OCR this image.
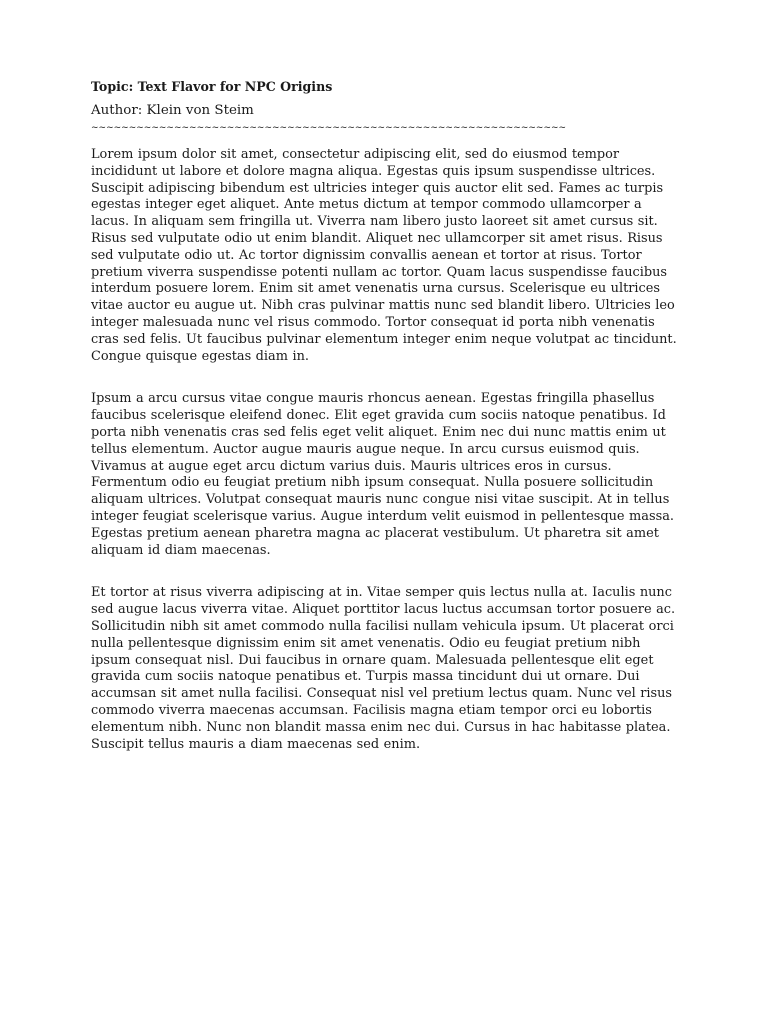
Topic: Text Flavor for NPC Origins

Author: Klein von Steim

~~~~~~~~~~~~~~~~~~~~~~~~~~~~~~~~~~~~~~~~~~~~~~~~~~~~~~~~~~~~~~~

Lorem ipsum dolor sit amet, consectetur adipiscing elit, sed do eiusmod tempor incididunt ut labore et dolore magna aliqua. Egestas quis ipsum suspendisse ultrices. Suscipit adipiscing bibendum est ultricies integer quis auctor elit sed. Fames ac turpis egestas integer eget aliquet. Ante metus dictum at tempor commodo ullamcorper a lacus. In aliquam sem fringilla ut. Viverra nam libero justo laoreet sit amet cursus sit. Risus sed vulputate odio ut enim blandit. Aliquet nec ullamcorper sit amet risus. Risus sed vulputate odio ut. Ac tortor dignissim convallis aenean et tortor at risus. Tortor pretium viverra suspendisse potenti nullam ac tortor. Quam lacus suspendisse faucibus interdum posuere lorem. Enim sit amet venenatis urna cursus. Scelerisque eu ultrices vitae auctor eu augue ut. Nibh cras pulvinar mattis nunc sed blandit libero. Ultricies leo integer malesuada nunc vel risus commodo. Tortor consequat id porta nibh venenatis cras sed felis. Ut faucibus pulvinar elementum integer enim neque volutpat ac tincidunt. Congue quisque egestas diam in.

Ipsum a arcu cursus vitae congue mauris rhoncus aenean. Egestas fringilla phasellus faucibus scelerisque eleifend donec. Elit eget gravida cum sociis natoque penatibus. Id porta nibh venenatis cras sed felis eget velit aliquet. Enim nec dui nunc mattis enim ut tellus elementum. Auctor augue mauris augue neque. In arcu cursus euismod quis. Vivamus at augue eget arcu dictum varius duis. Mauris ultrices eros in cursus. Fermentum odio eu feugiat pretium nibh ipsum consequat. Nulla posuere sollicitudin aliquam ultrices. Volutpat consequat mauris nunc congue nisi vitae suscipit. At in tellus integer feugiat scelerisque varius. Augue interdum velit euismod in pellentesque massa. Egestas pretium aenean pharetra magna ac placerat vestibulum. Ut pharetra sit amet aliquam id diam maecenas.

Et tortor at risus viverra adipiscing at in. Vitae semper quis lectus nulla at. Iaculis nunc sed augue lacus viverra vitae. Aliquet porttitor lacus luctus accumsan tortor posuere ac. Sollicitudin nibh sit amet commodo nulla facilisi nullam vehicula ipsum. Ut placerat orci nulla pellentesque dignissim enim sit amet venenatis. Odio eu feugiat pretium nibh ipsum consequat nisl. Dui faucibus in ornare quam. Malesuada pellentesque elit eget gravida cum sociis natoque penatibus et. Turpis massa tincidunt dui ut ornare. Dui accumsan sit amet nulla facilisi. Consequat nisl vel pretium lectus quam. Nunc vel risus commodo viverra maecenas accumsan. Facilisis magna etiam tempor orci eu lobortis elementum nibh. Nunc non blandit massa enim nec dui. Cursus in hac habitasse platea. Suscipit tellus mauris a diam maecenas sed enim.
